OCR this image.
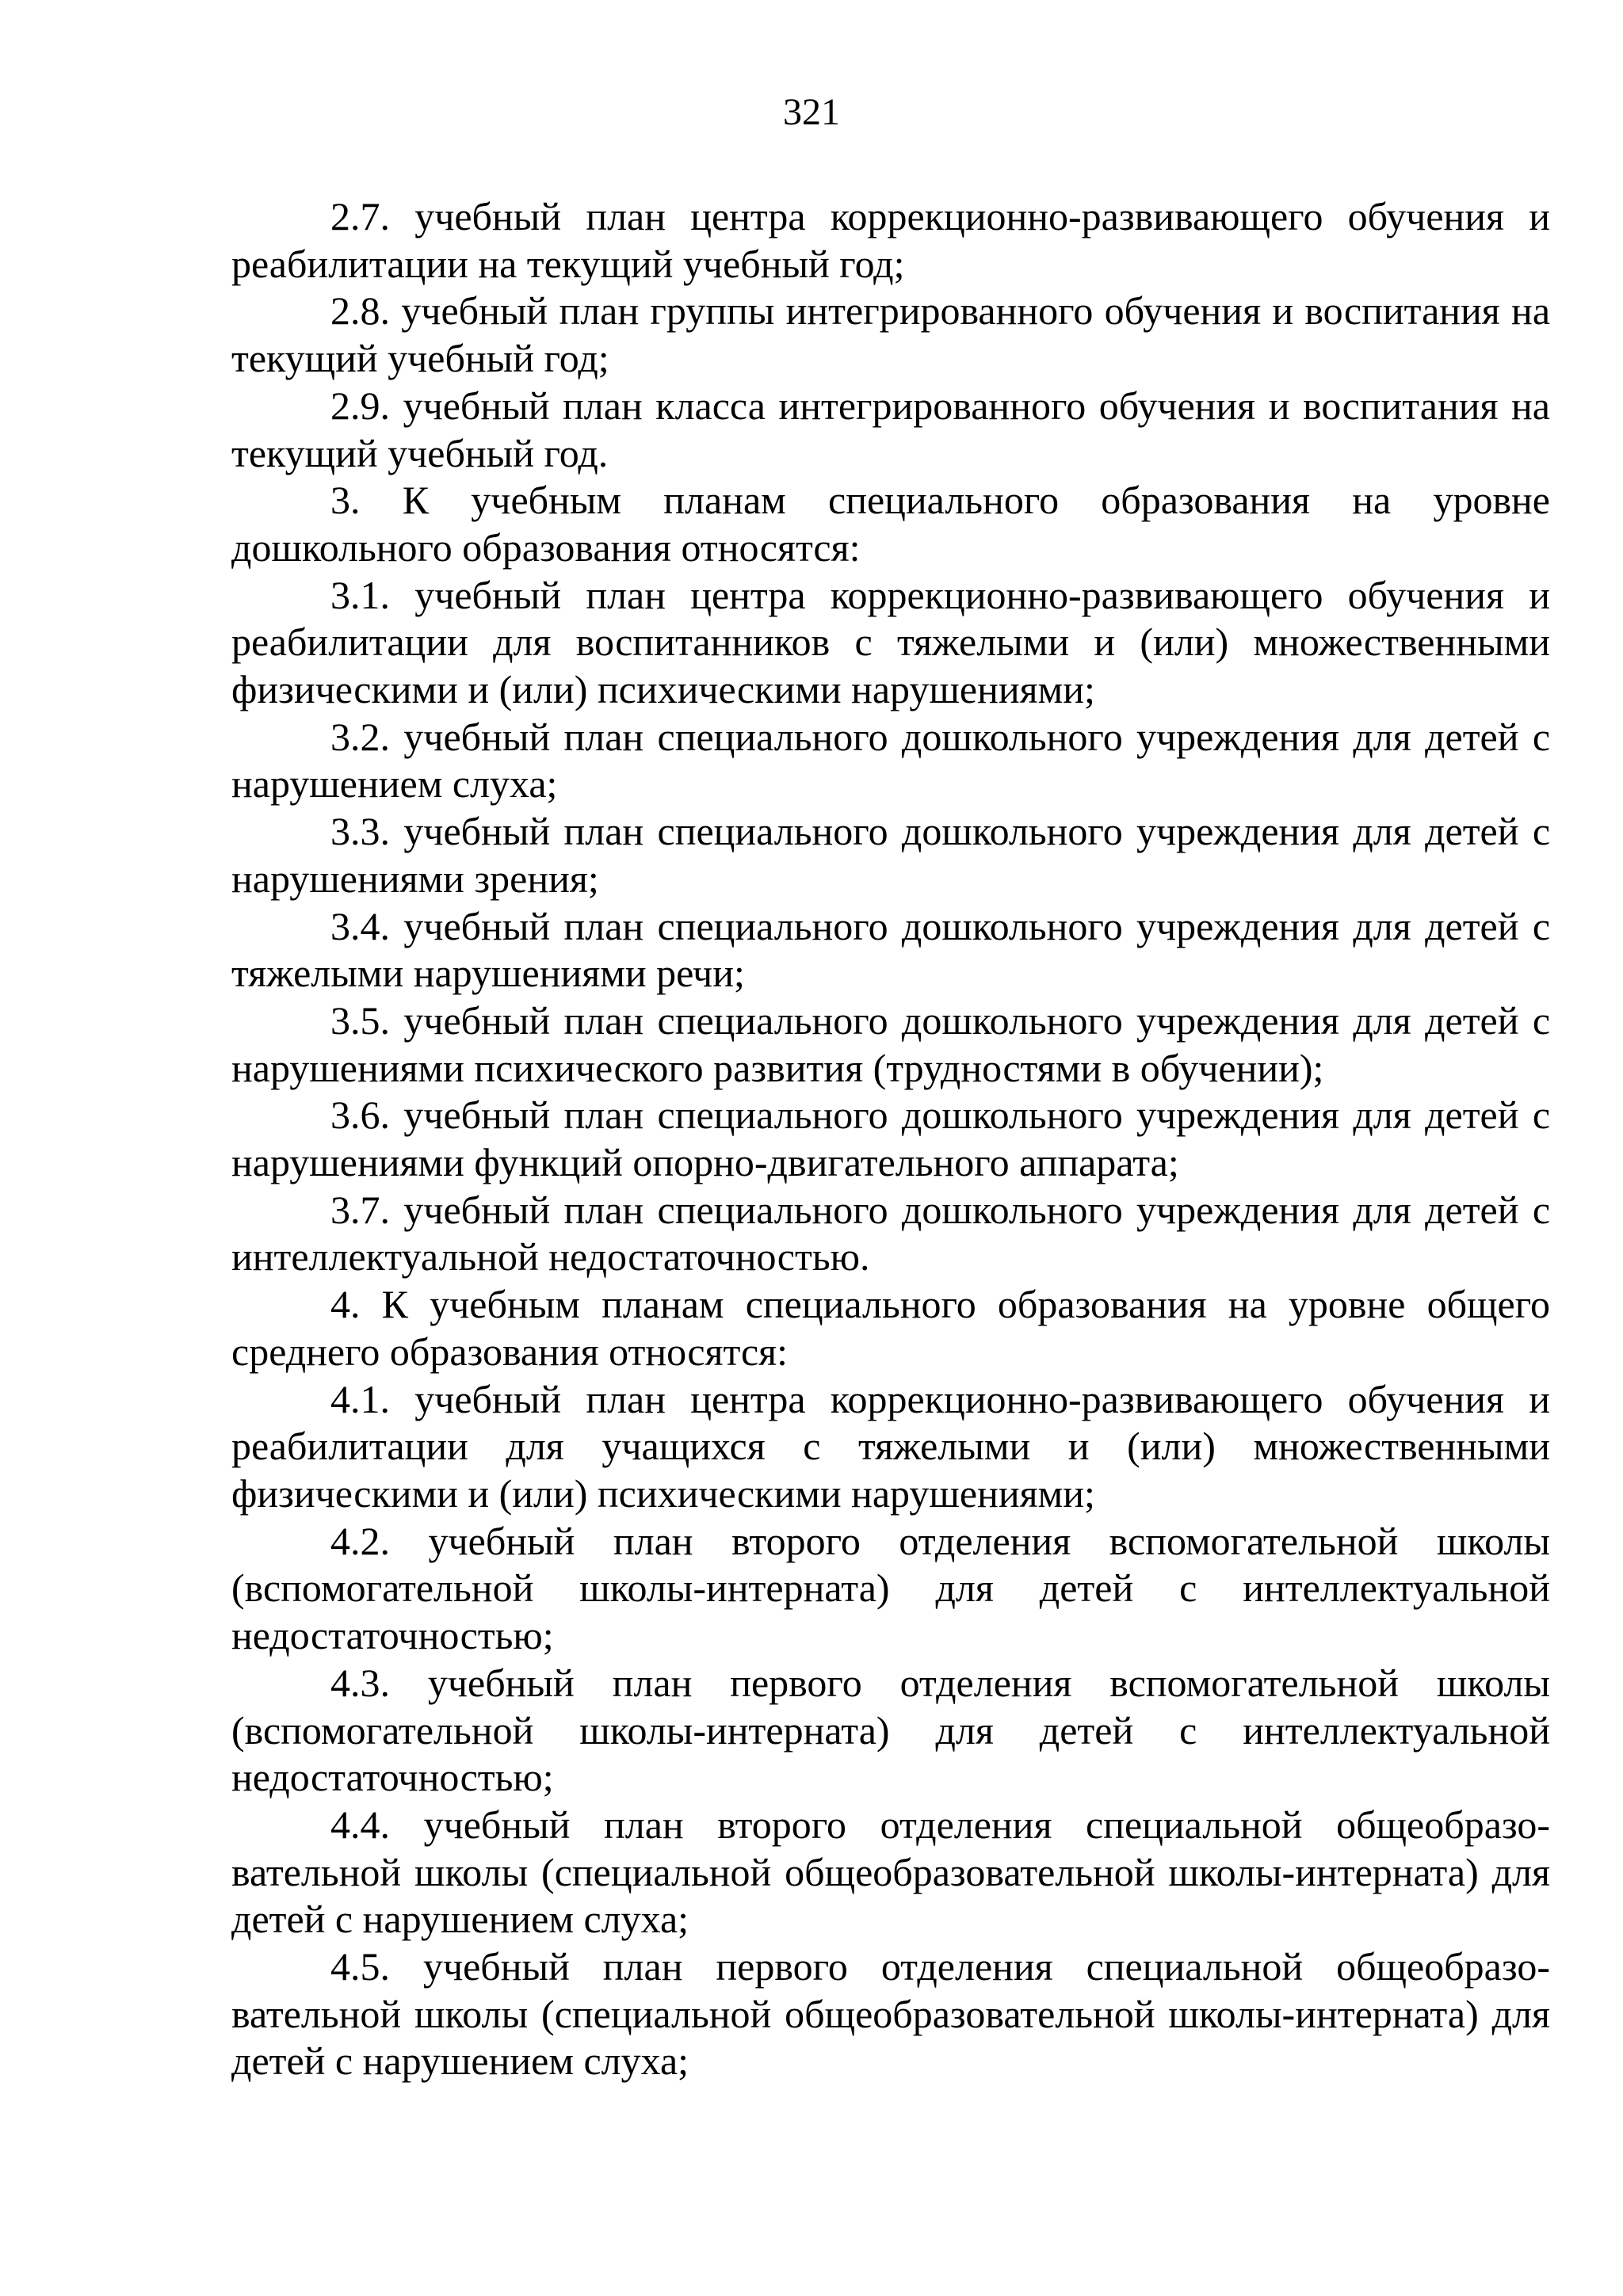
321

2.7. учебный план центра коррекционно-развивающего обучения и реабилитации на текущий учебный год;

2.8. учебный план группы интегрированного обучения и воспитания на текущий учебный год;

2.9. учебный план класса интегрированного обучения и воспитания на текущий учебный год.

3. К учебным планам специального образования на уровне дошкольного образования относятся:

3.1. учебный план центра коррекционно-развивающего обучения и реабилитации для воспитанников с тяжелыми и (или) множественными физическими и (или) психическими нарушениями;

3.2. учебный план специального дошкольного учреждения для детей с нарушением слуха;

3.3. учебный план специального дошкольного учреждения для детей с нарушениями зрения;

3.4. учебный план специального дошкольного учреждения для детей с тяжелыми нарушениями речи;

3.5. учебный план специального дошкольного учреждения для детей с нарушениями психического развития (трудностями в обучении);

3.6. учебный план специального дошкольного учреждения для детей с нарушениями функций опорно-двигательного аппарата;

3.7. учебный план специального дошкольного учреждения для детей с интеллектуальной недостаточностью.

4. К учебным планам специального образования на уровне общего среднего образования относятся:

4.1. учебный план центра коррекционно-развивающего обучения и реабилитации для учащихся с тяжелыми и (или) множественными физическими и (или) психическими нарушениями;

4.2. учебный план второго отделения вспомогательной школы (вспомогательной школы-интерната) для детей с интеллектуальной недостаточностью;

4.3. учебный план первого отделения вспомогательной школы (вспомогательной школы-интерната) для детей с интеллектуальной недостаточностью;

4.4. учебный план второго отделения специальной общеобразовательной школы (специальной общеобразовательной школы-интерната) для детей с нарушением слуха;

4.5. учебный план первого отделения специальной общеобразовательной школы (специальной общеобразовательной школы-интерната) для детей с нарушением слуха;
